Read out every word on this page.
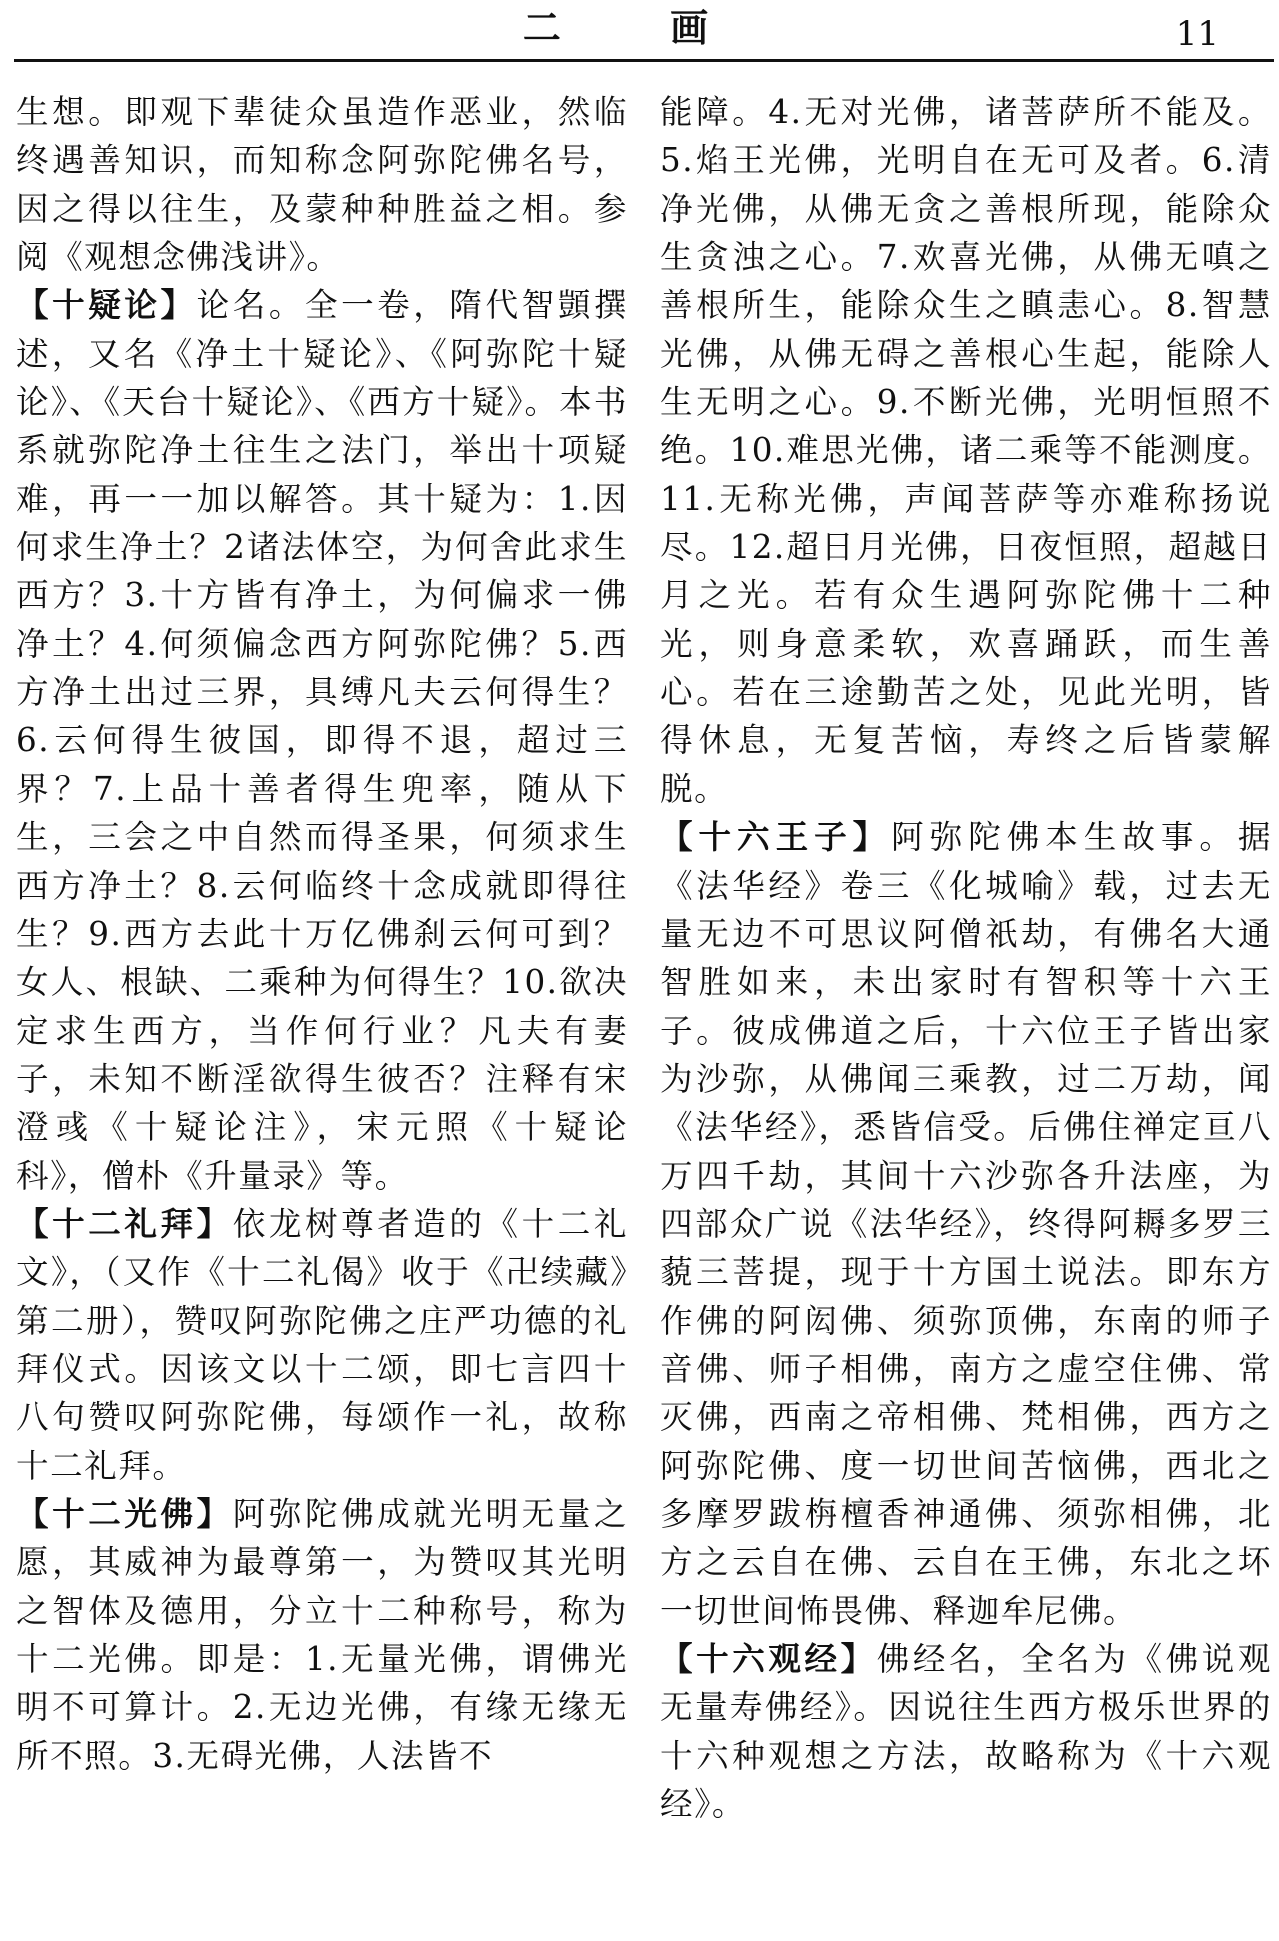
二 画	11

生想。即观下辈徒众虽造作恶业，然临终遇善知识，而知称念阿弥陀佛名号，因之得以往生，及蒙种种胜益之相。参阅《观想念佛浅讲》。

【十疑论】论名。全一卷，隋代智顗撰述，又名《净土十疑论》、《阿弥陀十疑论》、《天台十疑论》、《西方十疑》。本书系就弥陀净土往生之法门，举出十项疑难，再一一加以解答。其十疑为：1.因何求生净土？2诸法体空，为何舍此求生西方？3.十方皆有净土，为何偏求一佛净土？4.何须偏念西方阿弥陀佛？5.西方净土出过三界，具缚凡夫云何得生？6.云何得生彼国，即得不退，超过三界？7.上品十善者得生兜率，随从下生，三会之中自然而得圣果，何须求生西方净土？8.云何临终十念成就即得往生？9.西方去此十万亿佛刹云何可到？女人、根缺、二乘种为何得生？10.欲决定求生西方，当作何行业？凡夫有妻子，未知不断淫欲得生彼否？注释有宋澄彧《十疑论注》，宋元照《十疑论科》，僧朴《升量录》等。

【十二礼拜】依龙树尊者造的《十二礼文》，（又作《十二礼偈》收于《卍续藏》第二册），赞叹阿弥陀佛之庄严功德的礼拜仪式。因该文以十二颂，即七言四十八句赞叹阿弥陀佛，每颂作一礼，故称十二礼拜。

【十二光佛】阿弥陀佛成就光明无量之愿，其威神为最尊第一，为赞叹其光明之智体及德用，分立十二种称号，称为十二光佛。即是：1.无量光佛，谓佛光明不可算计。2.无边光佛，有缘无缘无所不照。3.无碍光佛，人法皆不

能障。4.无对光佛，诸菩萨所不能及。5.焰王光佛，光明自在无可及者。6.清净光佛，从佛无贪之善根所现，能除众生贪浊之心。7.欢喜光佛，从佛无嗔之善根所生，能除众生之瞋恚心。8.智慧光佛，从佛无碍之善根心生起，能除人生无明之心。9.不断光佛，光明恒照不绝。10.难思光佛，诸二乘等不能测度。11.无称光佛，声闻菩萨等亦难称扬说尽。12.超日月光佛，日夜恒照，超越日月之光。若有众生遇阿弥陀佛十二种光，则身意柔软，欢喜踊跃，而生善心。若在三途勤苦之处，见此光明，皆得休息，无复苦恼，寿终之后皆蒙解脱。

【十六王子】阿弥陀佛本生故事。据《法华经》卷三《化城喻》载，过去无量无边不可思议阿僧祇劫，有佛名大通智胜如来，未出家时有智积等十六王子。彼成佛道之后，十六位王子皆出家为沙弥，从佛闻三乘教，过二万劫，闻《法华经》，悉皆信受。后佛住禅定亘八万四千劫，其间十六沙弥各升法座，为四部众广说《法华经》，终得阿耨多罗三藐三菩提，现于十方国土说法。即东方作佛的阿闳佛、须弥顶佛，东南的师子音佛、师子相佛，南方之虚空住佛、常灭佛，西南之帝相佛、梵相佛，西方之阿弥陀佛、度一切世间苦恼佛，西北之多摩罗跋栴檀香神通佛、须弥相佛，北方之云自在佛、云自在王佛，东北之坏一切世间怖畏佛、释迦牟尼佛。

【十六观经】佛经名，全名为《佛说观无量寿佛经》。因说往生西方极乐世界的十六种观想之方法，故略称为《十六观经》。
